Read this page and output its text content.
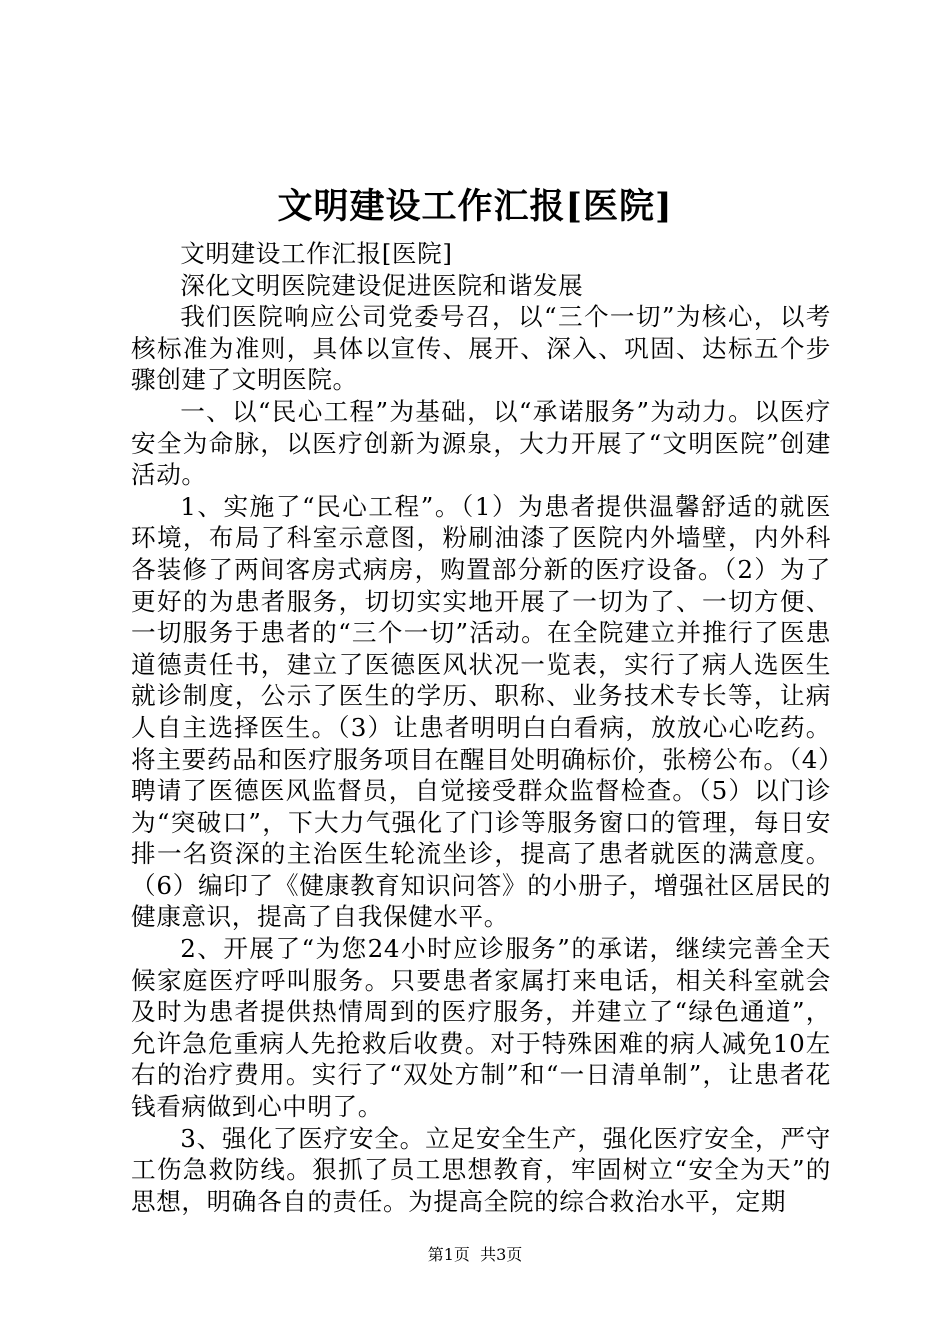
文明建设工作汇报[医院]

文明建设工作汇报[医院]

深化文明医院建设促进医院和谐发展

我们医院响应公司党委号召，以“三个一切”为核心，以考核标准为准则，具体以宣传、展开、深入、巩固、达标五个步骤创建了文明医院。

一、以“民心工程”为基础，以“承诺服务”为动力。以医疗安全为命脉，以医疗创新为源泉，大力开展了“文明医院”创建活动。

1、实施了“民心工程”。（1）为患者提供温馨舒适的就医环境，布局了科室示意图，粉刷油漆了医院内外墙壁，内外科各装修了两间客房式病房，购置部分新的医疗设备。（2）为了更好的为患者服务，切切实实地开展了一切为了、一切方便、一切服务于患者的“三个一切”活动。在全院建立并推行了医患道德责任书，建立了医德医风状况一览表，实行了病人选医生就诊制度，公示了医生的学历、职称、业务技术专长等，让病人自主选择医生。（3）让患者明明白白看病，放放心心吃药。将主要药品和医疗服务项目在醒目处明确标价，张榜公布。（4）聘请了医德医风监督员，自觉接受群众监督检查。（5）以门诊为“突破口”，下大力气强化了门诊等服务窗口的管理，每日安排一名资深的主治医生轮流坐诊，提高了患者就医的满意度。（6）编印了《健康教育知识问答》的小册子，增强社区居民的健康意识，提高了自我保健水平。

2、开展了“为您24小时应诊服务”的承诺，继续完善全天候家庭医疗呼叫服务。只要患者家属打来电话，相关科室就会及时为患者提供热情周到的医疗服务，并建立了“绿色通道”，允许急危重病人先抢救后收费。对于特殊困难的病人减免10左右的治疗费用。实行了“双处方制”和“一日清单制”，让患者花钱看病做到心中明了。

3、强化了医疗安全。立足安全生产，强化医疗安全，严守工伤急救防线。狠抓了员工思想教育，牢固树立“安全为天”的思想，明确各自的责任。为提高全院的综合救治水平，定期

第1页 共3页
